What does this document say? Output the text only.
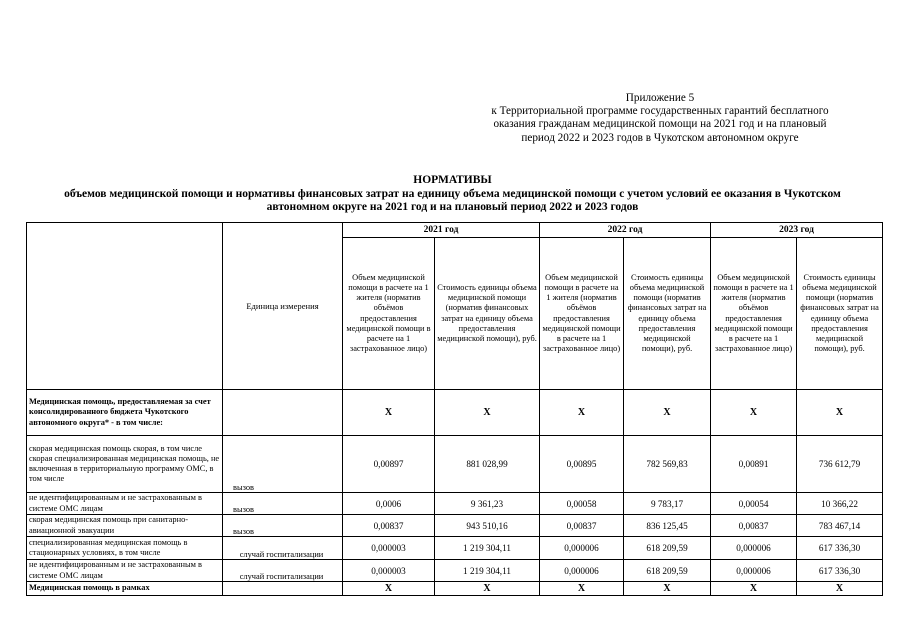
Приложение 5
к Территориальной программе государственных гарантий бесплатного
оказания гражданам медицинской помощи на 2021 год и на плановый
период 2022 и 2023 годов в Чукотском автономном округе
НОРМАТИВЫ
объемов медицинской помощи и нормативы финансовых затрат на единицу объема медицинской помощи с учетом условий ее оказания в Чукотском
автономном округе на 2021 год и на плановый период 2022 и 2023 годов
	Единица измерения	2021 год		2022 год		2023 год	
		Объем медицинской помощи в расчете на 1 жителя (норматив объёмов предоставления медицинской помощи в расчете на 1 застрахованное лицо)	Стоимость единицы объема медицинской помощи (норматив финансовых затрат на единицу объема предоставления медицинской помощи), руб.	Объем медицинской помощи в расчете на 1 жителя (норматив объёмов предоставления медицинской помощи в расчете на 1 застрахованное лицо)	Стоимость единицы объема медицинской помощи (норматив финансовых затрат на единицу объема предоставления медицинской помощи), руб.	Объем медицинской помощи в расчете на 1 жителя (норматив объёмов предоставления медицинской помощи в расчете на 1 застрахованное лицо)	Стоимость единицы объема медицинской помощи (норматив финансовых затрат на единицу объема предоставления медицинской помощи), руб.
Медицинская помощь, предоставляемая за счет консолидированного бюджета Чукотского автономного округа* - в том числе:		Х	Х	Х	Х	Х	Х
скорая медицинская помощь скорая, в том числе скорая специализированная медицинская помощь, не включенная в территориальную программу ОМС, в том числе	вызов	0,00897	881 028,99	0,00895	782 569,83	0,00891	736 612,79
не идентифицированным и не застрахованным в системе ОМС лицам	вызов	0,0006	9 361,23	0,00058	9 783,17	0,00054	10 366,22
скорая медицинская помощь при санитарно-авиационной эвакуации	вызов	0,00837	943 510,16	0,00837	836 125,45	0,00837	783 467,14
специализированная медицинская помощь в стационарных условиях, в том числе	случай госпитализации	0,000003	1 219 304,11	0,000006	618 209,59	0,000006	617 336,30
не идентифицированным и не застрахованным в системе ОМС лицам	случай госпитализации	0,000003	1 219 304,11	0,000006	618 209,59	0,000006	617 336,30
Медицинская помощь в рамках		Х	Х	Х	Х	Х	Х
